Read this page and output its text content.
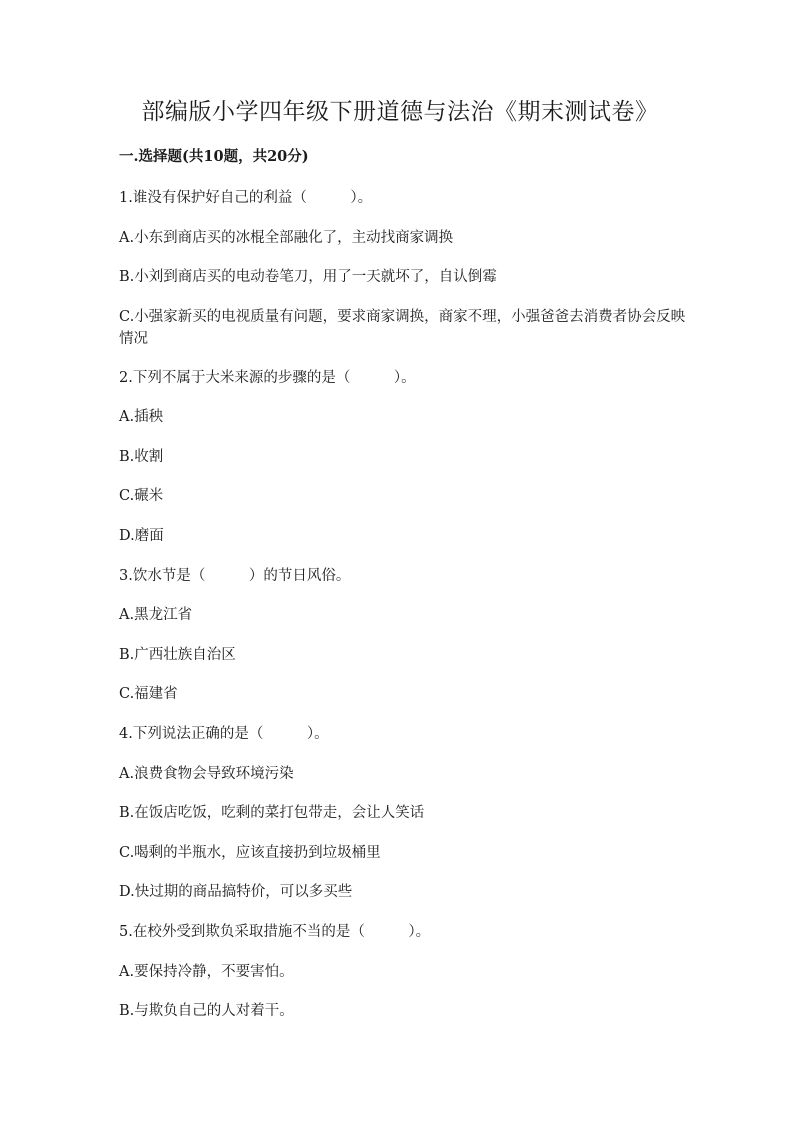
部编版小学四年级下册道德与法治《期末测试卷》
一.选择题(共10题，共20分)

1.谁没有保护好自己的利益（　　　）。

A.小东到商店买的冰棍全部融化了，主动找商家调换

B.小刘到商店买的电动卷笔刀，用了一天就坏了，自认倒霉

C.小强家新买的电视质量有问题，要求商家调换，商家不理，小强爸爸去消费者协会反映情况

2.下列不属于大米来源的步骤的是（　　　）。

A.插秧

B.收割

C.碾米

D.磨面

3.饮水节是（　　　）的节日风俗。

A.黑龙江省

B.广西壮族自治区

C.福建省

4.下列说法正确的是（　　　）。

A.浪费食物会导致环境污染

B.在饭店吃饭，吃剩的菜打包带走，会让人笑话

C.喝剩的半瓶水，应该直接扔到垃圾桶里

D.快过期的商品搞特价，可以多买些

5.在校外受到欺负采取措施不当的是（　　　）。

A.要保持冷静，不要害怕。

B.与欺负自己的人对着干。
